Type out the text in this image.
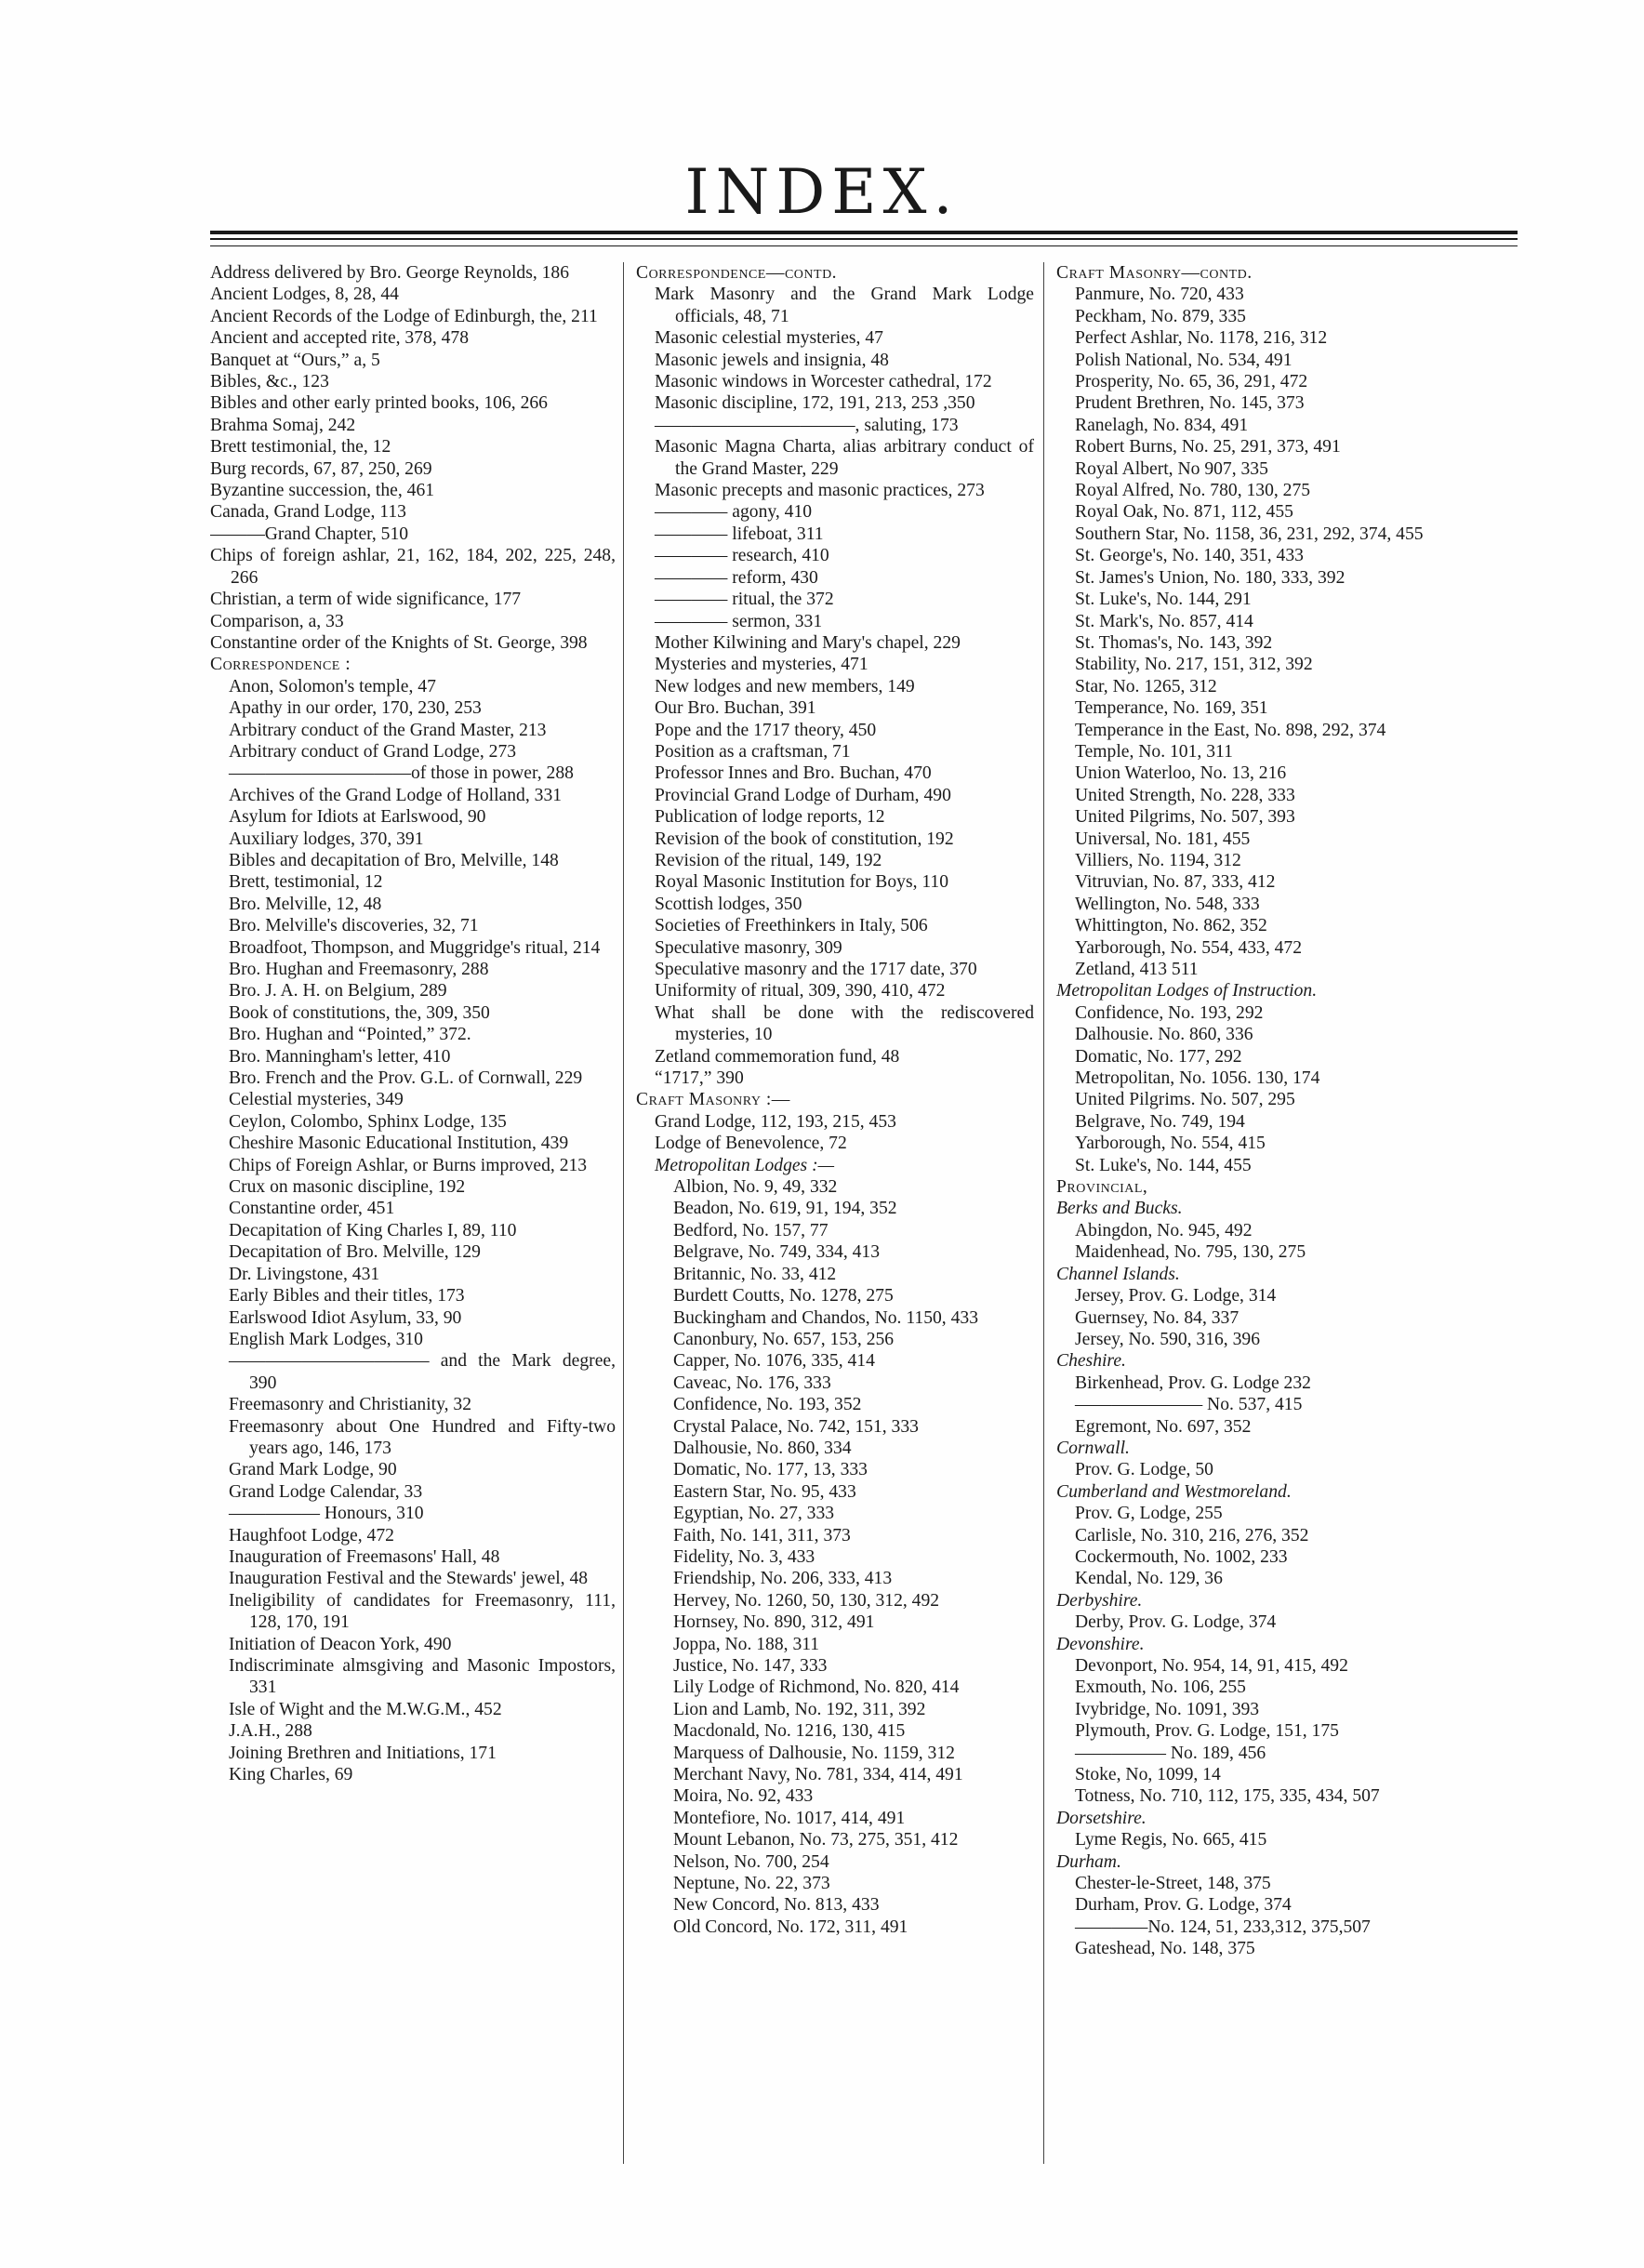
INDEX.

Address delivered by Bro. George Reynolds, 186

Ancient Lodges, 8, 28, 44

Ancient Records of the Lodge of Edinburgh, the, 211

Ancient and accepted rite, 378, 478

Banquet at “Ours,” a, 5

Bibles, &c., 123

Bibles and other early printed books, 106, 266

Brahma Somaj, 242

Brett testimonial, the, 12

Burg records, 67, 87, 250, 269

Byzantine succession, the, 461

Canada, Grand Lodge, 113

———Grand Chapter, 510

Chips of foreign ashlar, 21, 162, 184, 202, 225, 248, 266

Christian, a term of wide significance, 177

Comparison, a, 33

Constantine order of the Knights of St. George, 398

Correspondence :

Anon, Solomon's temple, 47

Apathy in our order, 170, 230, 253

Arbitrary conduct of the Grand Master, 213

Arbitrary conduct of Grand Lodge, 273

——————————of those in power, 288

Archives of the Grand Lodge of Holland, 331

Asylum for Idiots at Earlswood, 90

Auxiliary lodges, 370, 391

Bibles and decapitation of Bro, Melville, 148

Brett, testimonial, 12

Bro. Melville, 12, 48

Bro. Melville's discoveries, 32, 71

Broadfoot, Thompson, and Muggridge's ritual, 214

Bro. Hughan and Freemasonry, 288

Bro. J. A. H. on Belgium, 289

Book of constitutions, the, 309, 350

Bro. Hughan and “Pointed,” 372.

Bro. Manningham's letter, 410

Bro. French and the Prov. G.L. of Cornwall, 229

Celestial mysteries, 349

Ceylon, Colombo, Sphinx Lodge, 135

Cheshire Masonic Educational Institution, 439

Chips of Foreign Ashlar, or Burns improved, 213

Crux on masonic discipline, 192

Constantine order, 451

Decapitation of King Charles I, 89, 110

Decapitation of Bro. Melville, 129

Dr. Livingstone, 431

Early Bibles and their titles, 173

Earlswood Idiot Asylum, 33, 90

English Mark Lodges, 310

——————————— and the Mark degree, 390

Freemasonry and Christianity, 32

Freemasonry about One Hundred and Fifty-two years ago, 146, 173

Grand Mark Lodge, 90

Grand Lodge Calendar, 33

————— Honours, 310

Haughfoot Lodge, 472

Inauguration of Freemasons' Hall, 48

Inauguration Festival and the Stewards' jewel, 48

Ineligibility of candidates for Freemasonry, 111, 128, 170, 191

Initiation of Deacon York, 490

Indiscriminate almsgiving and Masonic Impostors, 331

Isle of Wight and the M.W.G.M., 452

J.A.H., 288

Joining Brethren and Initiations, 171

King Charles, 69

Correspondence—contd.

Mark Masonry and the Grand Mark Lodge officials, 48, 71

Masonic celestial mysteries, 47

Masonic jewels and insignia, 48

Masonic windows in Worcester cathedral, 172

Masonic discipline, 172, 191, 213, 253 ,350

———————————, saluting, 173

Masonic Magna Charta, alias arbitrary conduct of the Grand Master, 229

Masonic precepts and masonic practices, 273

———— agony, 410

———— lifeboat, 311

———— research, 410

———— reform, 430

———— ritual, the 372

———— sermon, 331

Mother Kilwining and Mary's chapel, 229

Mysteries and mysteries, 471

New lodges and new members, 149

Our Bro. Buchan, 391

Pope and the 1717 theory, 450

Position as a craftsman, 71

Professor Innes and Bro. Buchan, 470

Provincial Grand Lodge of Durham, 490

Publication of lodge reports, 12

Revision of the book of constitution, 192

Revision of the ritual, 149, 192

Royal Masonic Institution for Boys, 110

Scottish lodges, 350

Societies of Freethinkers in Italy, 506

Speculative masonry, 309

Speculative masonry and the 1717 date, 370

Uniformity of ritual, 309, 390, 410, 472

What shall be done with the rediscovered mysteries, 10

Zetland commemoration fund, 48

“1717,” 390

Craft Masonry :—

Grand Lodge, 112, 193, 215, 453

Lodge of Benevolence, 72

Metropolitan Lodges :—

Albion, No. 9, 49, 332

Beadon, No. 619, 91, 194, 352

Bedford, No. 157, 77

Belgrave, No. 749, 334, 413

Britannic, No. 33, 412

Burdett Coutts, No. 1278, 275

Buckingham and Chandos, No. 1150, 433

Canonbury, No. 657, 153, 256

Capper, No. 1076, 335, 414

Caveac, No. 176, 333

Confidence, No. 193, 352

Crystal Palace, No. 742, 151, 333

Dalhousie, No. 860, 334

Domatic, No. 177, 13, 333

Eastern Star, No. 95, 433

Egyptian, No. 27, 333

Faith, No. 141, 311, 373

Fidelity, No. 3, 433

Friendship, No. 206, 333, 413

Hervey, No. 1260, 50, 130, 312, 492

Hornsey, No. 890, 312, 491

Joppa, No. 188, 311

Justice, No. 147, 333

Lily Lodge of Richmond, No. 820, 414

Lion and Lamb, No. 192, 311, 392

Macdonald, No. 1216, 130, 415

Marquess of Dalhousie, No. 1159, 312

Merchant Navy, No. 781, 334, 414, 491

Moira, No. 92, 433

Montefiore, No. 1017, 414, 491

Mount Lebanon, No. 73, 275, 351, 412

Nelson, No. 700, 254

Neptune, No. 22, 373

New Concord, No. 813, 433

Old Concord, No. 172, 311, 491

Craft Masonry—contd.

Panmure, No. 720, 433

Peckham, No. 879, 335

Perfect Ashlar, No. 1178, 216, 312

Polish National, No. 534, 491

Prosperity, No. 65, 36, 291, 472

Prudent Brethren, No. 145, 373

Ranelagh, No. 834, 491

Robert Burns, No. 25, 291, 373, 491

Royal Albert, No 907, 335

Royal Alfred, No. 780, 130, 275

Royal Oak, No. 871, 112, 455

Southern Star, No. 1158, 36, 231, 292, 374, 455

St. George's, No. 140, 351, 433

St. James's Union, No. 180, 333, 392

St. Luke's, No. 144, 291

St. Mark's, No. 857, 414

St. Thomas's, No. 143, 392

Stability, No. 217, 151, 312, 392

Star, No. 1265, 312

Temperance, No. 169, 351

Temperance in the East, No. 898, 292, 374

Temple, No. 101, 311

Union Waterloo, No. 13, 216

United Strength, No. 228, 333

United Pilgrims, No. 507, 393

Universal, No. 181, 455

Villiers, No. 1194, 312

Vitruvian, No. 87, 333, 412

Wellington, No. 548, 333

Whittington, No. 862, 352

Yarborough, No. 554, 433, 472

Zetland, 413 511

Metropolitan Lodges of Instruction.

Confidence, No. 193, 292

Dalhousie. No. 860, 336

Domatic, No. 177, 292

Metropolitan, No. 1056. 130, 174

United Pilgrims. No. 507, 295

Belgrave, No. 749, 194

Yarborough, No. 554, 415

St. Luke's, No. 144, 455

Provincial,

Berks and Bucks.

Abingdon, No. 945, 492

Maidenhead, No. 795, 130, 275

Channel Islands.

Jersey, Prov. G. Lodge, 314

Guernsey, No. 84, 337

Jersey, No. 590, 316, 396

Cheshire.

Birkenhead, Prov. G. Lodge 232

——————— No. 537, 415

Egremont, No. 697, 352

Cornwall.

Prov. G. Lodge, 50

Cumberland and Westmoreland.

Prov. G, Lodge, 255

Carlisle, No. 310, 216, 276, 352

Cockermouth, No. 1002, 233

Kendal, No. 129, 36

Derbyshire.

Derby, Prov. G. Lodge, 374

Devonshire.

Devonport, No. 954, 14, 91, 415, 492

Exmouth, No. 106, 255

Ivybridge, No. 1091, 393

Plymouth, Prov. G. Lodge, 151, 175

————— No. 189, 456

Stoke, No, 1099, 14

Totness, No. 710, 112, 175, 335, 434, 507

Dorsetshire.

Lyme Regis, No. 665, 415

Durham.

Chester-le-Street, 148, 375

Durham, Prov. G. Lodge, 374

————No. 124, 51, 233,312, 375,507

Gateshead, No. 148, 375
